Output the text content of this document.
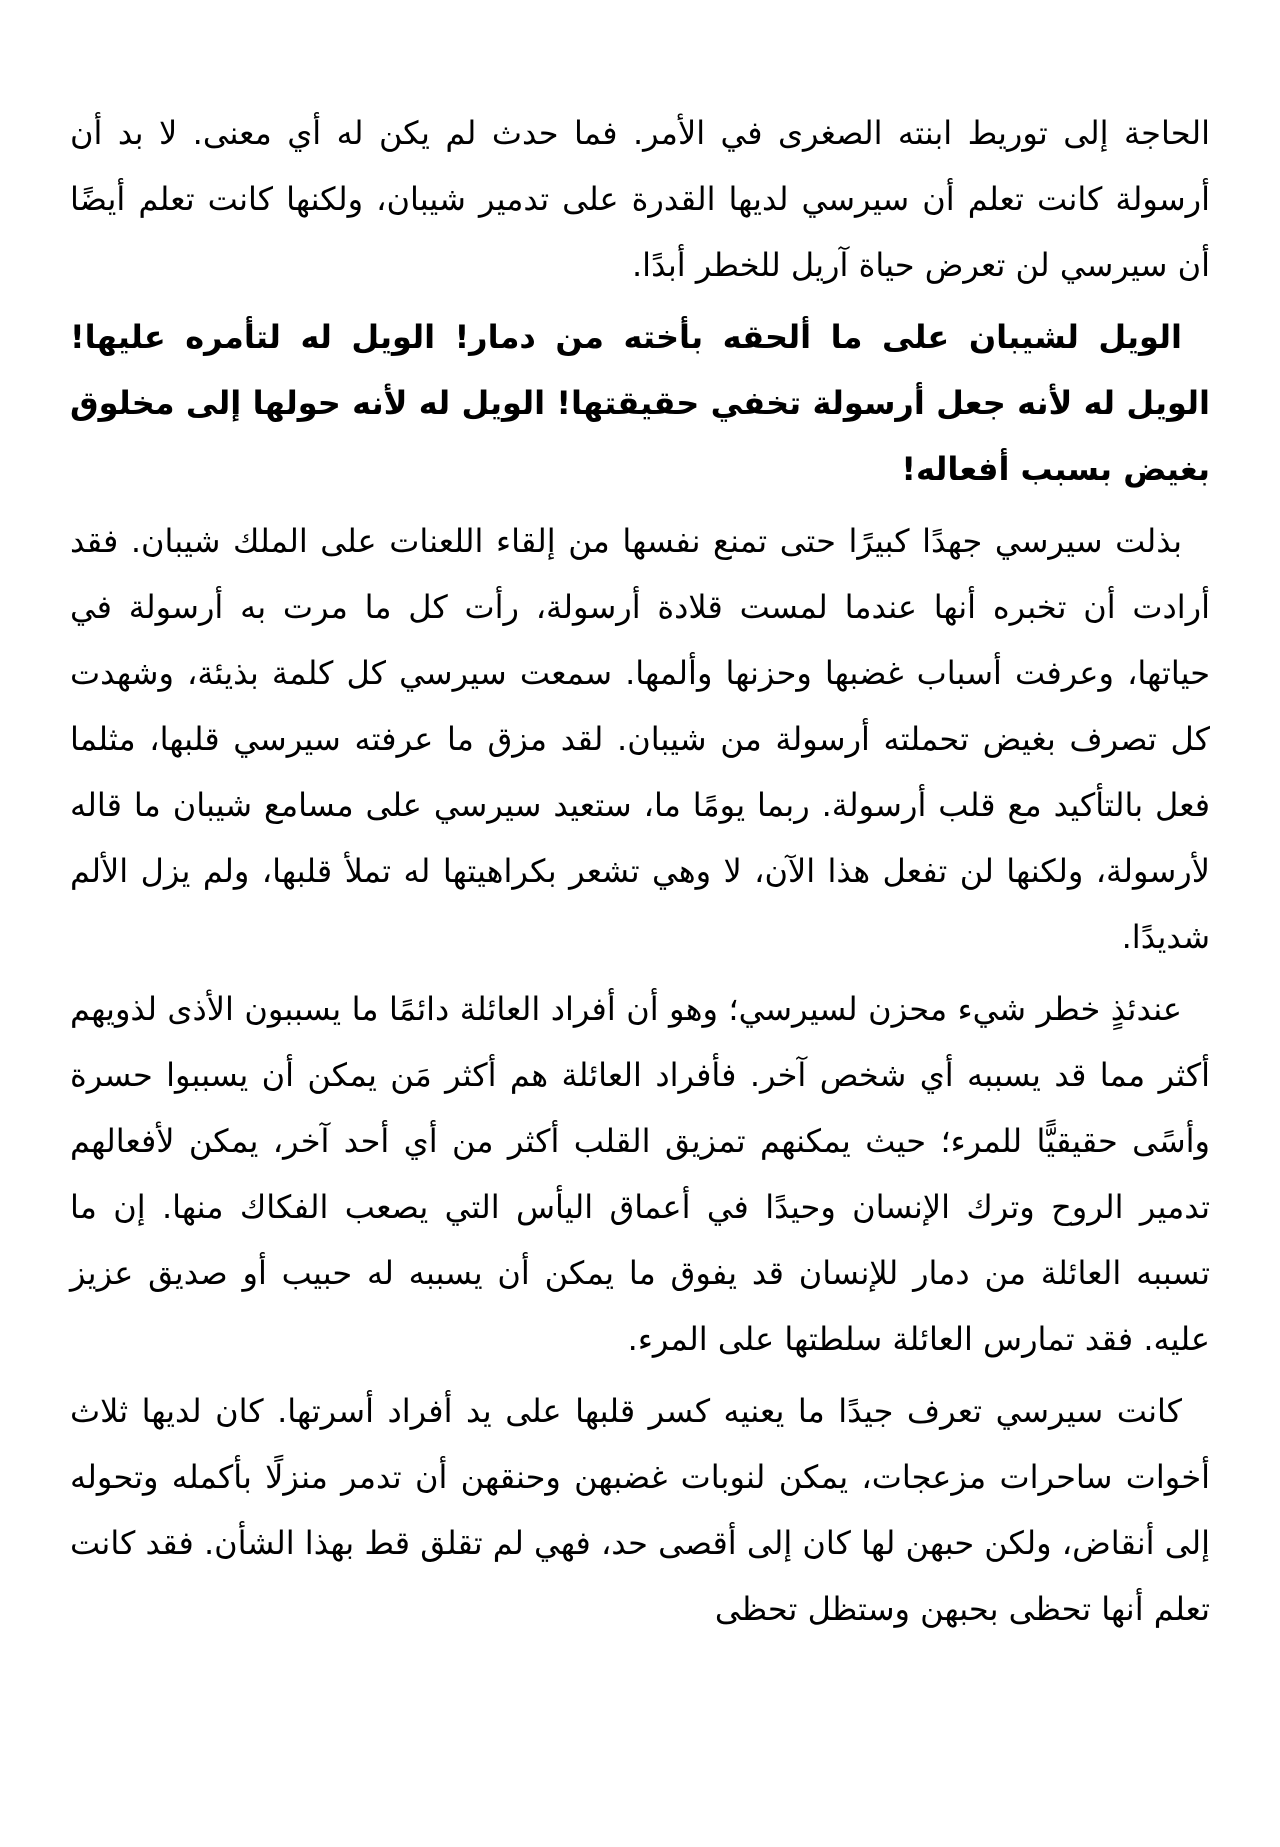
الحاجة إلى توريط ابنته الصغرى في الأمر. فما حدث لم يكن له أي معنى. لا بد أن أرسولة كانت تعلم أن سيرسي لديها القدرة على تدمير شيبان، ولكنها كانت تعلم أيضًا أن سيرسي لن تعرض حياة آريل للخطر أبدًا.

الويل لشيبان على ما ألحقه بأخته من دمار! الويل له لتأمره عليها! الويل له لأنه جعل أرسولة تخفي حقيقتها! الويل له لأنه حولها إلى مخلوق بغيض بسبب أفعاله!

بذلت سيرسي جهدًا كبيرًا حتى تمنع نفسها من إلقاء اللعنات على الملك شيبان. فقد أرادت أن تخبره أنها عندما لمست قلادة أرسولة، رأت كل ما مرت به أرسولة في حياتها، وعرفت أسباب غضبها وحزنها وألمها. سمعت سيرسي كل كلمة بذيئة، وشهدت كل تصرف بغيض تحملته أرسولة من شيبان. لقد مزق ما عرفته سيرسي قلبها، مثلما فعل بالتأكيد مع قلب أرسولة. ربما يومًا ما، ستعيد سيرسي على مسامع شيبان ما قاله لأرسولة، ولكنها لن تفعل هذا الآن، لا وهي تشعر بكراهيتها له تملأ قلبها، ولم يزل الألم شديدًا.

عندئذٍ خطر شيء محزن لسيرسي؛ وهو أن أفراد العائلة دائمًا ما يسببون الأذى لذويهم أكثر مما قد يسببه أي شخص آخر. فأفراد العائلة هم أكثر مَن يمكن أن يسببوا حسرة وأسًى حقيقيًّا للمرء؛ حيث يمكنهم تمزيق القلب أكثر من أي أحد آخر، يمكن لأفعالهم تدمير الروح وترك الإنسان وحيدًا في أعماق اليأس التي يصعب الفكاك منها. إن ما تسببه العائلة من دمار للإنسان قد يفوق ما يمكن أن يسببه له حبيب أو صديق عزيز عليه. فقد تمارس العائلة سلطتها على المرء.

كانت سيرسي تعرف جيدًا ما يعنيه كسر قلبها على يد أفراد أسرتها. كان لديها ثلاث أخوات ساحرات مزعجات، يمكن لنوبات غضبهن وحنقهن أن تدمر منزلًا بأكمله وتحوله إلى أنقاض، ولكن حبهن لها كان إلى أقصى حد، فهي لم تقلق قط بهذا الشأن. فقد كانت تعلم أنها تحظى بحبهن وستظل تحظى
